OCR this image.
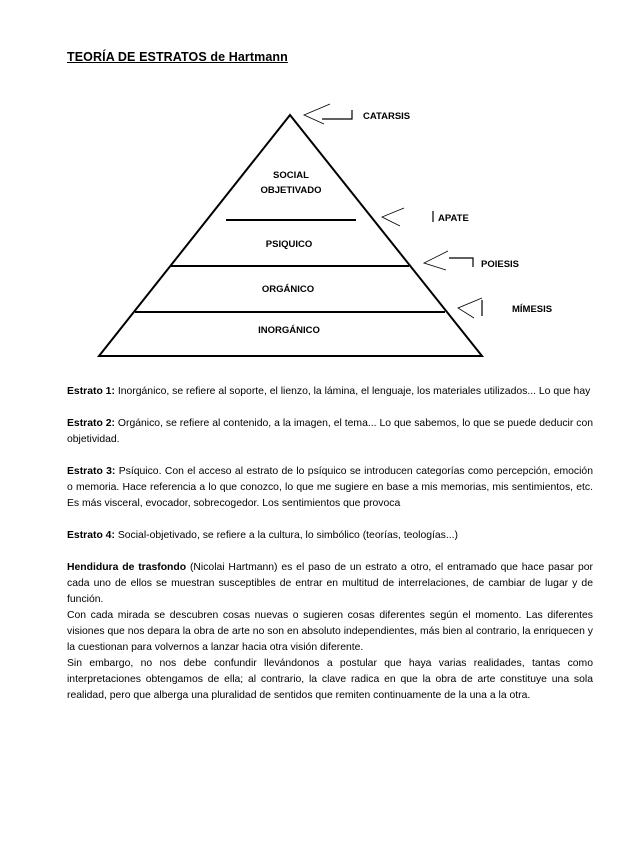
TEORÍA DE ESTRATOS de Hartmann
SOCIAL
OBJETIVADO
PSIQUICO
ORGÁNICO
INORGÁNICO
CATARSIS
APATE
POIESIS
MÍMESIS

Estrato 1: Inorgánico, se refiere al soporte, el lienzo, la lámina, el lenguaje, los materiales utilizados... Lo que hay

Estrato 2: Orgánico, se refiere al contenido, a la imagen, el tema... Lo que sabemos, lo que se puede deducir con objetividad.

Estrato 3: Psíquico. Con el acceso al estrato de lo psíquico se introducen categorías como percepción, emoción o memoria. Hace referencia a lo que conozco, lo que me sugiere en base a mis memorias, mis sentimientos, etc. Es más visceral, evocador, sobrecogedor. Los sentimientos que provoca

Estrato 4: Social-objetivado, se refiere a la cultura, lo simbólico (teorías, teologías...)

Hendidura de trasfondo (Nicolai Hartmann) es el paso de un estrato a otro, el entramado que hace pasar por cada uno de ellos se muestran susceptibles de entrar en multitud de interrelaciones, de cambiar de lugar y de función.

Con cada mirada se descubren cosas nuevas o sugieren cosas diferentes según el momento. Las diferentes visiones que nos depara la obra de arte no son en absoluto independientes, más bien al contrario, la enriquecen y la cuestionan para volvernos a lanzar hacia otra visión diferente.

Sin embargo, no nos debe confundir llevándonos a postular que haya varias realidades, tantas como interpretaciones obtengamos de ella; al contrario, la clave radica en que la obra de arte constituye una sola realidad, pero que alberga una pluralidad de sentidos que remiten continuamente de la una a la otra.
